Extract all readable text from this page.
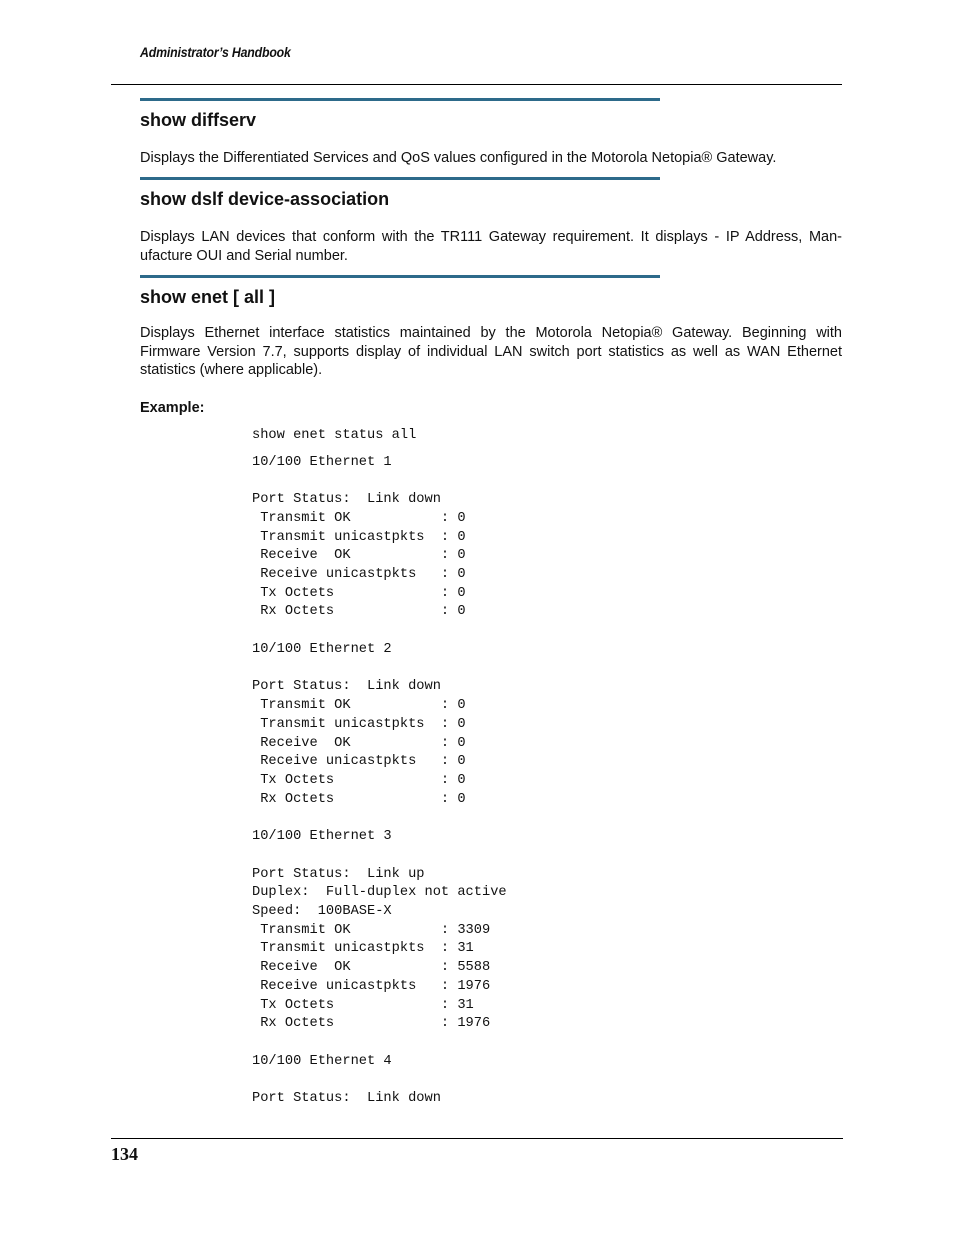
Administrator’s Handbook
show diffserv

Displays the Differentiated Services and QoS values configured in the Motorola Netopia® Gateway.

show dslf device-association

Displays LAN devices that conform with the TR111 Gateway requirement. It displays - IP Address, Man-ufacture OUI and Serial number.

show enet [ all ]

Displays Ethernet interface statistics maintained by the Motorola Netopia® Gateway. Beginning with Firmware Version 7.7, supports display of individual LAN switch port statistics as well as WAN Ethernet statistics (where applicable).

Example:
show enet status all
10/100 Ethernet 1

Port Status:  Link down
Transmit OK           : 0
Transmit unicastpkts  : 0
Receive  OK           : 0
Receive unicastpkts   : 0
Tx Octets             : 0
Rx Octets             : 0

10/100 Ethernet 2

Port Status:  Link down
Transmit OK           : 0
Transmit unicastpkts  : 0
Receive  OK           : 0
Receive unicastpkts   : 0
Tx Octets             : 0
Rx Octets             : 0

10/100 Ethernet 3

Port Status:  Link up
Duplex:  Full-duplex not active
Speed:  100BASE-X
Transmit OK           : 3309
Transmit unicastpkts  : 31
Receive  OK           : 5588
Receive unicastpkts   : 1976
Tx Octets             : 31
Rx Octets             : 1976

10/100 Ethernet 4

Port Status:  Link down
134
